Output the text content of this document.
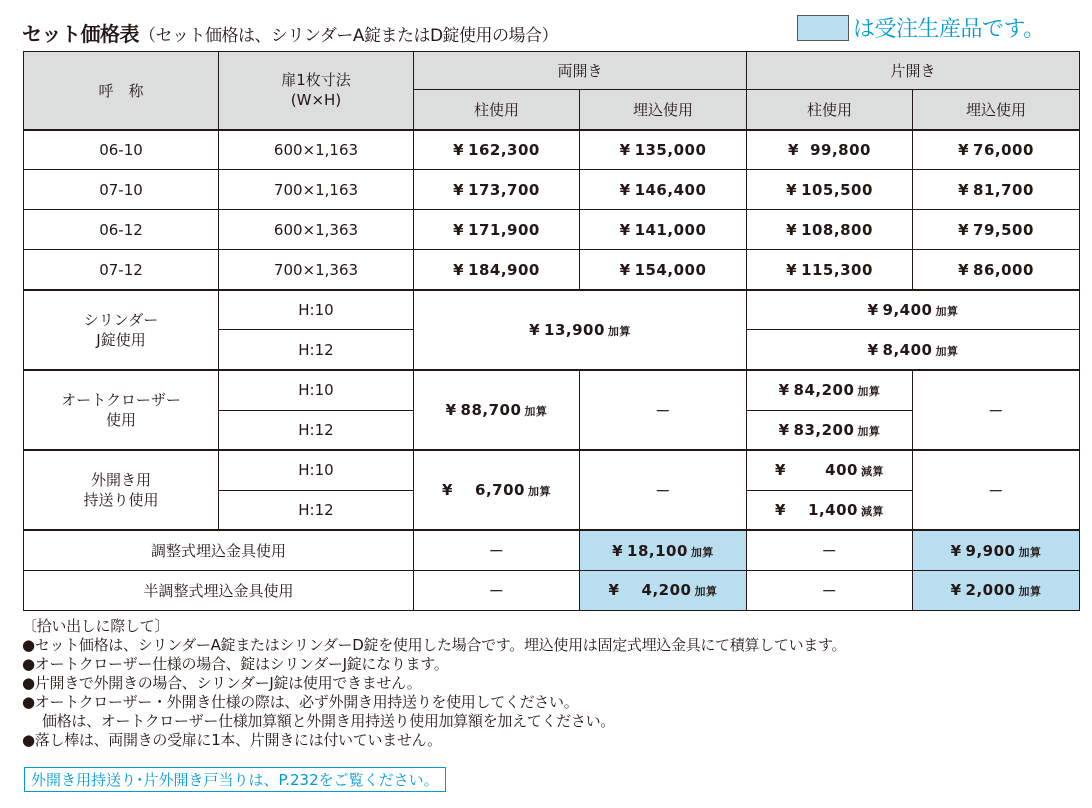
セット価格表（セット価格は、シリンダーA錠またはD錠使用の場合）	は受注生産品です。
呼　称	扉1枚寸法
(W×H)	両開き		片開き	
		柱使用	埋込使用	柱使用	埋込使用
06-10	600×1,163	¥ 162,300	¥ 135,000	¥ 99,800	¥ 76,000
07-10	700×1,163	¥ 173,700	¥ 146,400	¥ 105,500	¥ 81,700
06-12	600×1,363	¥ 171,900	¥ 141,000	¥ 108,800	¥ 79,500
07-12	700×1,363	¥ 184,900	¥ 154,000	¥ 115,300	¥ 86,000
シリンダー
J錠使用	H:10	¥ 13,900 加算		¥ 9,400 加算	
	H:12			¥ 8,400 加算	
オートクローザー
使用	H:10	¥ 88,700 加算	－	¥ 84,200 加算	－
	H:12			¥ 83,200 加算	
外開き用
持送り使用	H:10	¥ 6,700 加算	－	¥ 400 減算	－
	H:12			¥ 1,400 減算	
調整式埋込金具使用		－	¥ 18,100 加算	－	¥ 9,900 加算
半調整式埋込金具使用		－	¥ 4,200 加算	－	¥ 2,000 加算
〔拾い出しに際して〕
●セット価格は、シリンダーA錠またはシリンダーD錠を使用した場合です。埋込使用は固定式埋込金具にて積算しています。
●オートクローザー仕様の場合、錠はシリンダーJ錠になります。
●片開きで外開きの場合、シリンダーJ錠は使用できません。
●オートクローザー・外開き仕様の際は、必ず外開き用持送りを使用してください。
価格は、オートクローザー仕様加算額と外開き用持送り使用加算額を加えてください。
●落し棒は、両開きの受扉に1本、片開きには付いていません。
外開き用持送り･片外開き戸当りは、P.232をご覧ください。
